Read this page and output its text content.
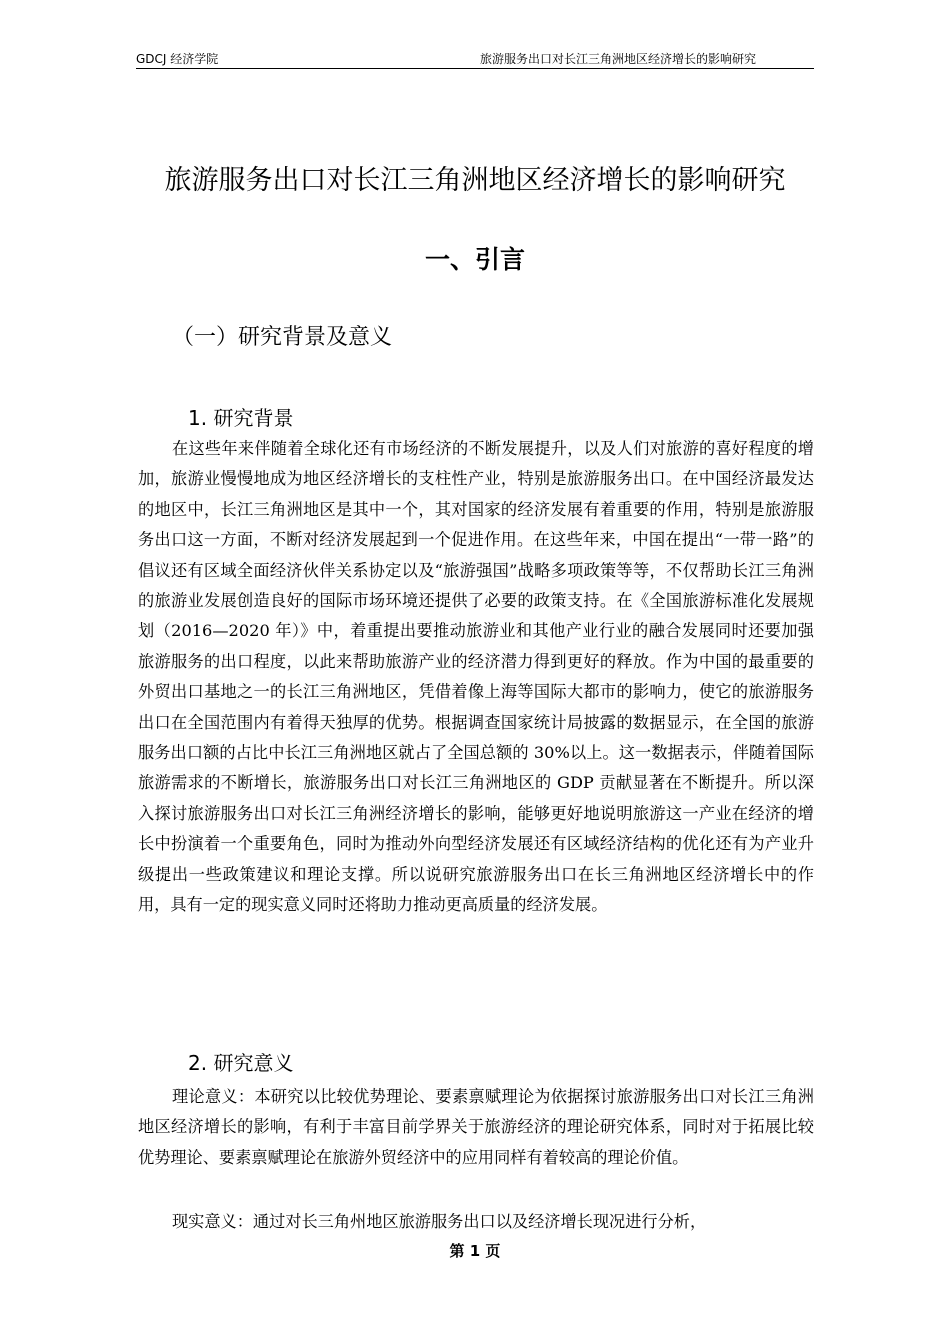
GDCJ 经济学院	旅游服务出口对长江三角洲地区经济增长的影响研究
旅游服务出口对长江三角洲地区经济增长的影响研究
一、引言
（一）研究背景及意义
1. 研究背景

在这些年来伴随着全球化还有市场经济的不断发展提升，以及人们对旅游的喜好程度的增加，旅游业慢慢地成为地区经济增长的支柱性产业，特别是旅游服务出口。在中国经济最发达的地区中，长江三角洲地区是其中一个，其对国家的经济发展有着重要的作用，特别是旅游服务出口这一方面，不断对经济发展起到一个促进作用。在这些年来，中国在提出“一带一路”的倡议还有区域全面经济伙伴关系协定以及“旅游强国”战略多项政策等等，不仅帮助长江三角洲的旅游业发展创造良好的国际市场环境还提供了必要的政策支持。在《全国旅游标准化发展规划（2016—2020 年）》中，着重提出要推动旅游业和其他产业行业的融合发展同时还要加强旅游服务的出口程度，以此来帮助旅游产业的经济潜力得到更好的释放。作为中国的最重要的外贸出口基地之一的长江三角洲地区，凭借着像上海等国际大都市的影响力，使它的旅游服务出口在全国范围内有着得天独厚的优势。根据调查国家统计局披露的数据显示，在全国的旅游服务出口额的占比中长江三角洲地区就占了全国总额的 30%以上。这一数据表示，伴随着国际旅游需求的不断增长，旅游服务出口对长江三角洲地区的 GDP 贡献显著在不断提升。所以深入探讨旅游服务出口对长江三角洲经济增长的影响，能够更好地说明旅游这一产业在经济的增长中扮演着一个重要角色，同时为推动外向型经济发展还有区域经济结构的优化还有为产业升级提出一些政策建议和理论支撑。所以说研究旅游服务出口在长三角洲地区经济增长中的作用，具有一定的现实意义同时还将助力推动更高质量的经济发展。

2. 研究意义

理论意义：本研究以比较优势理论、要素禀赋理论为依据探讨旅游服务出口对长江三角洲地区经济增长的影响，有利于丰富目前学界关于旅游经济的理论研究体系，同时对于拓展比较优势理论、要素禀赋理论在旅游外贸经济中的应用同样有着较高的理论价值。

现实意义：通过对长三角州地区旅游服务出口以及经济增长现况进行分析，

第 1 页
